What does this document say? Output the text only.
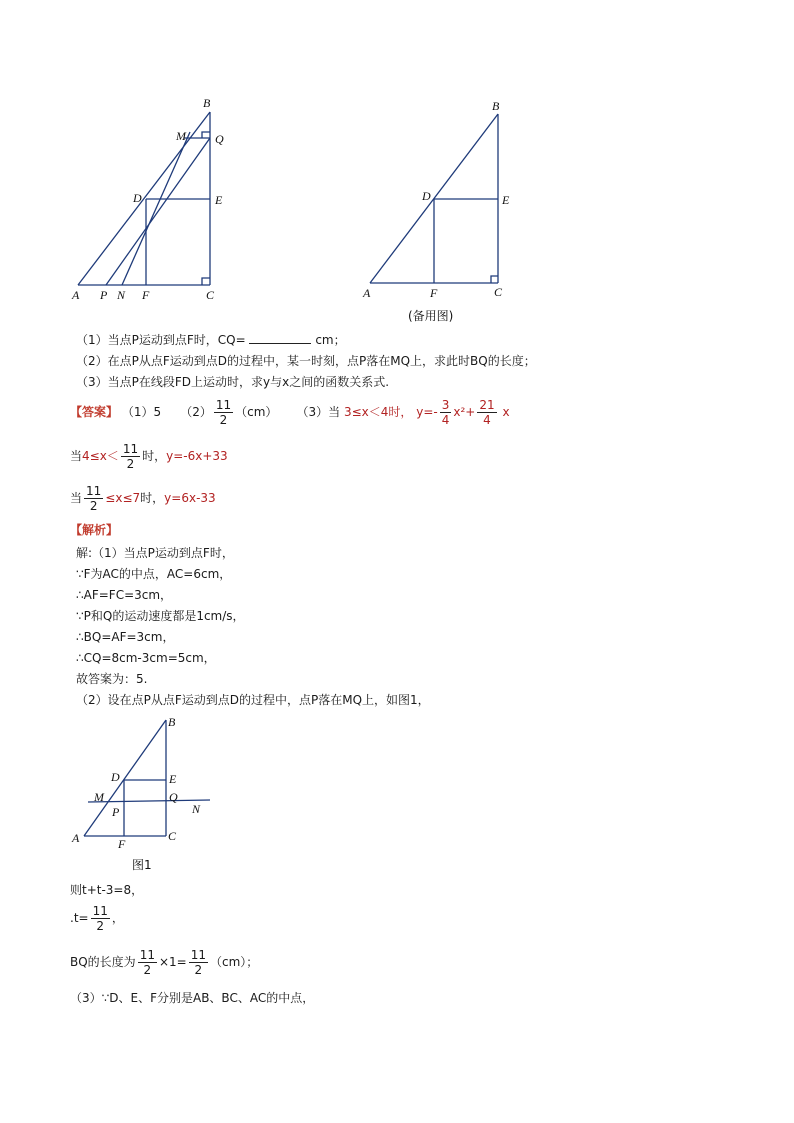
B
M Q
D	E
A P N F	C
B
D	E
A	F	C
(备用图)
（1）当点P运动到点F时，CQ=	cm；
（2）在点P从点F运动到点D的过程中，某一时刻，点P落在MQ上，求此时BQ的长度；
（3）当点P在线段FD上运动时，求y与x之间的函数关系式.
【答案】 （1）5 $(2) \frac{11}{2} (cm)$ （3）当 3≤x＜4时， $y=- \frac{3}{4} x^2+ \frac{21}{4}$ x
当$4\le x< \frac{11}{2}$ 时，y=-6x+33
当 $\frac{11}{2} \le x\le 7$时，y=6x-33
【解析】
解:（1）当点P运动到点F时，
∵F为AC的中点，AC=6cm，
∴AF=FC=3cm，
∵P和Q的运动速度都是1cm/s，
∴BQ=AF=3cm，
∴CQ=8cm-3cm=5cm，
故答案为：5.
（2）设在点P从点F运动到点D的过程中，点P落在MQ上，如图1，
B
D	E
M	Q
N
P
A	C
F
图1
则t+t-3=8，
$.t= \frac{11}{2}$ ，
BQ的长度为 $\frac{11}{2} \times 1= \frac{11}{2} (cm)$；
（3）∵D、E、F分别是AB、BC、AC的中点，
